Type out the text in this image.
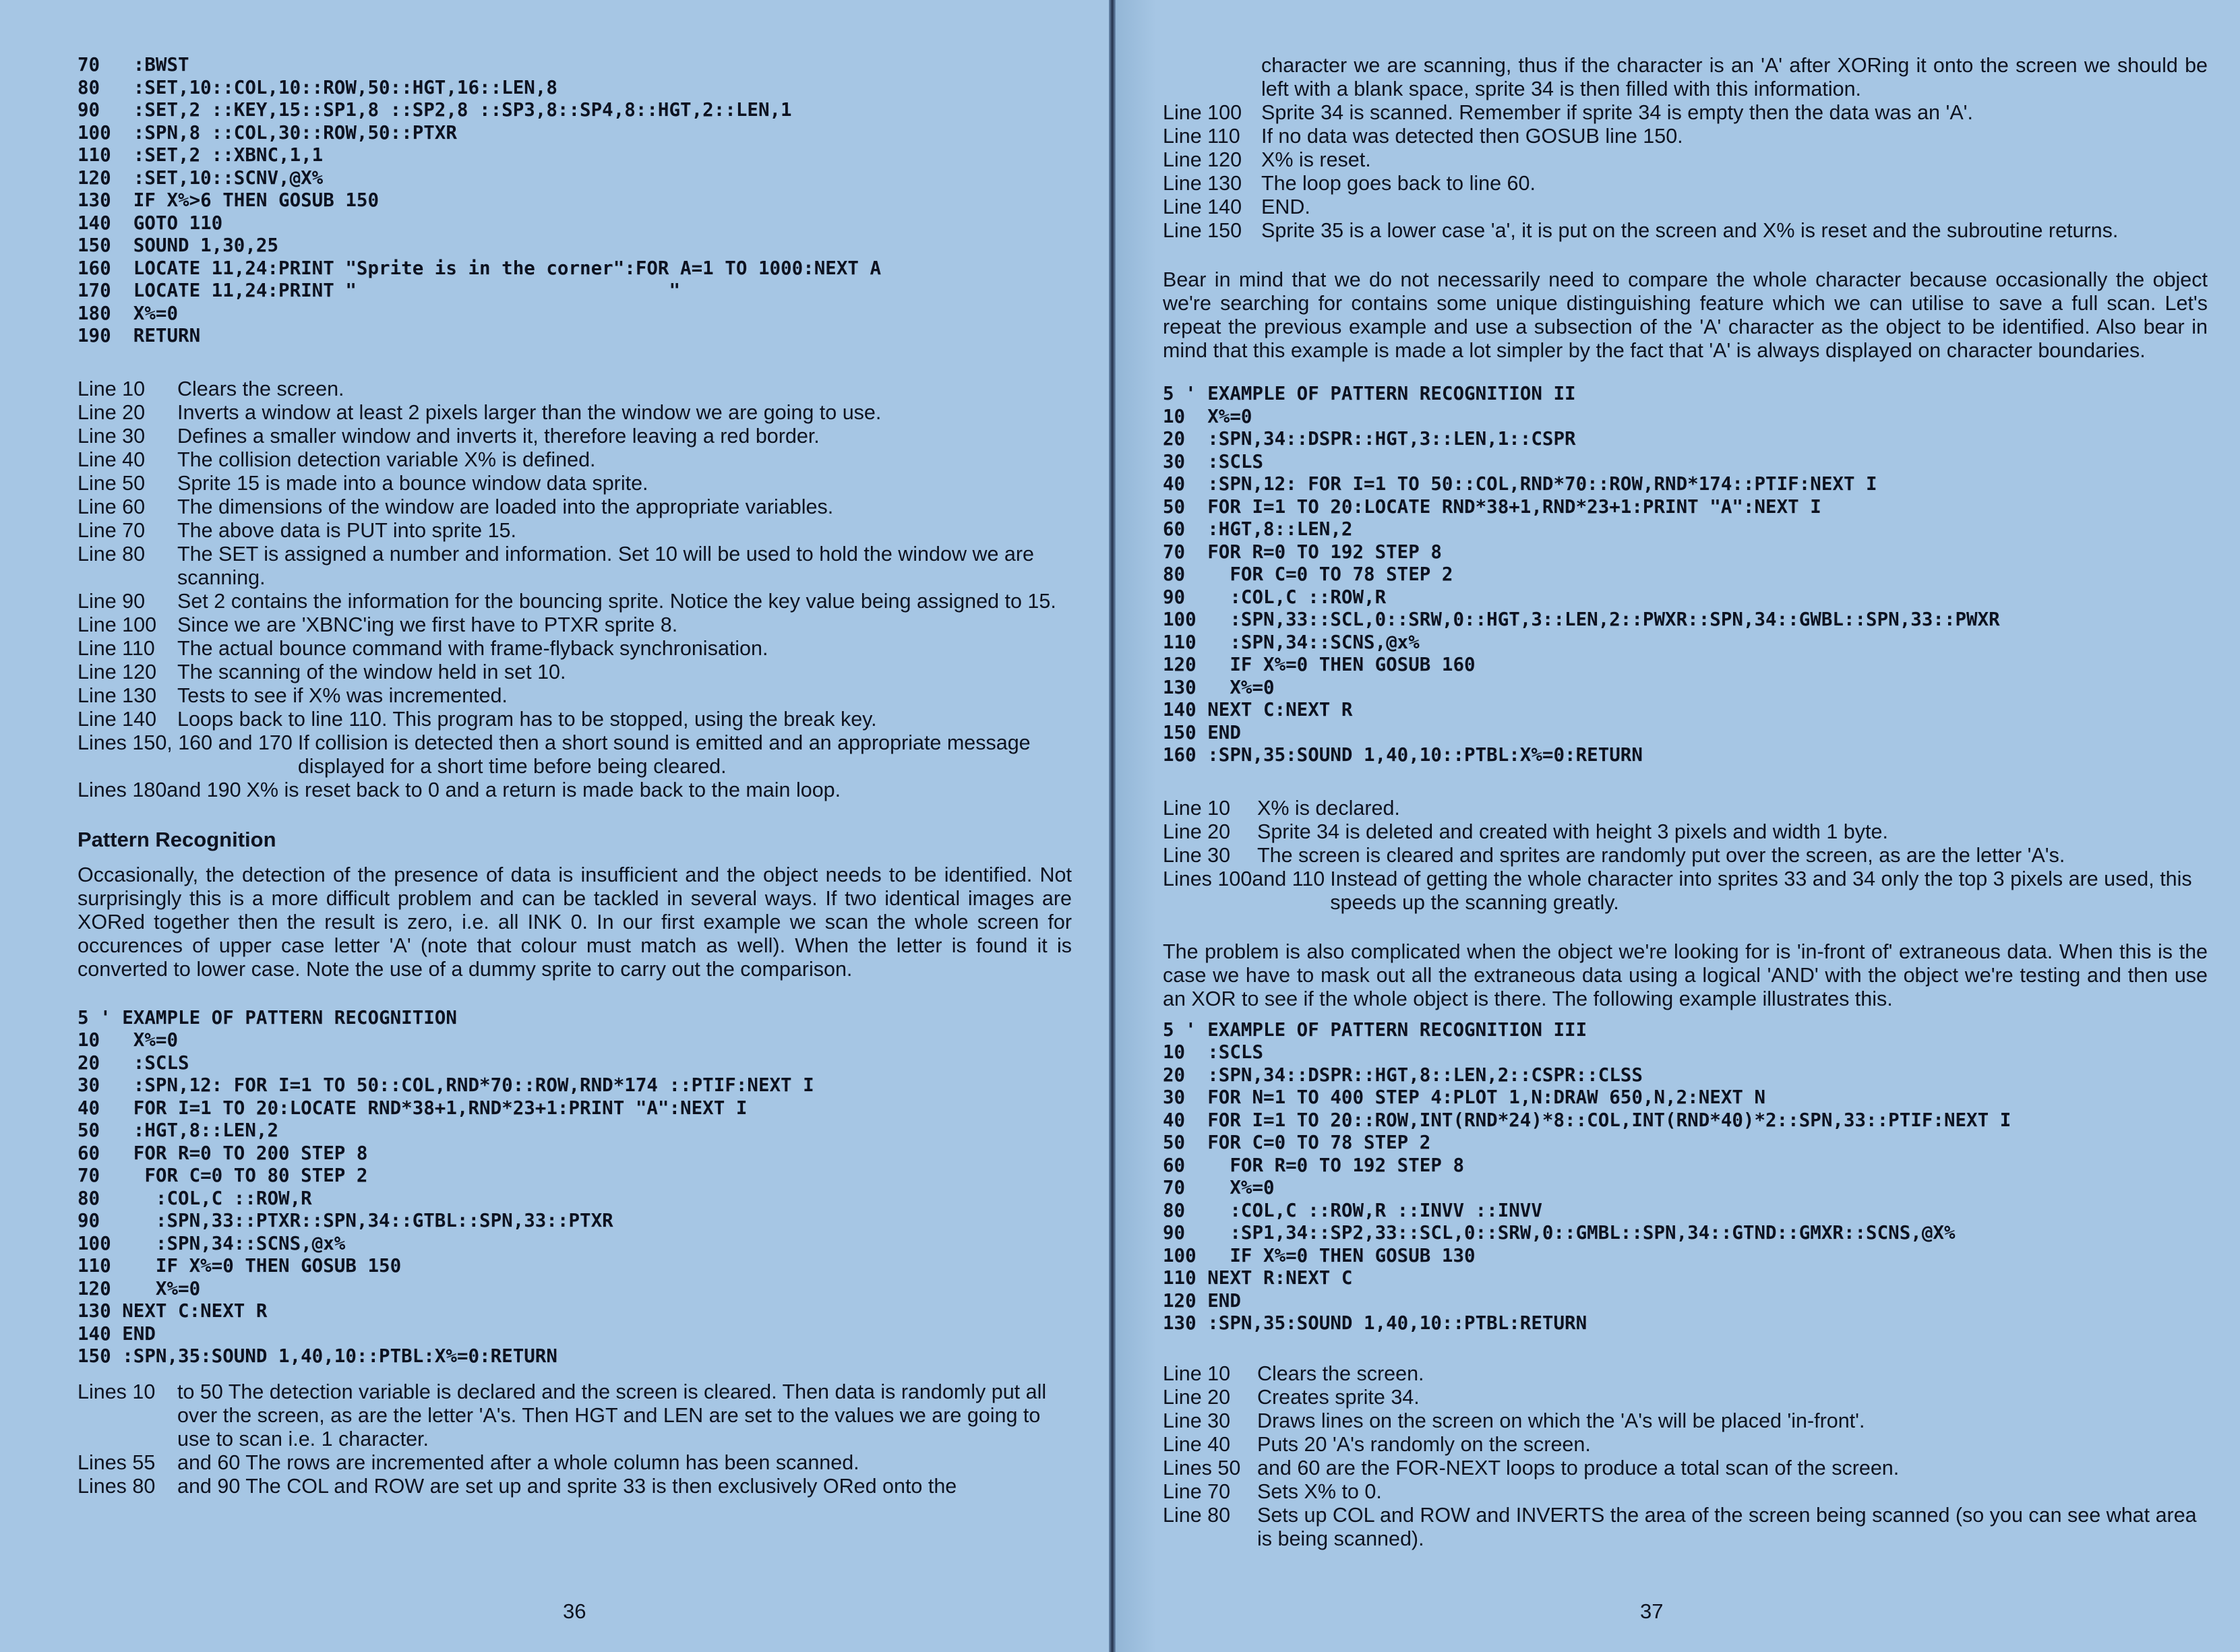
70   :BWST
80   :SET,10::COL,10::ROW,50::HGT,16::LEN,8
90   :SET,2 ::KEY,15::SP1,8 ::SP2,8 ::SP3,8::SP4,8::HGT,2::LEN,1
100  :SPN,8 ::COL,30::ROW,50::PTXR
110  :SET,2 ::XBNC,1,1
120  :SET,10::SCNV,@X%
130  IF X%>6 THEN GOSUB 150
140  GOTO 110
150  SOUND 1,30,25
160  LOCATE 11,24:PRINT "Sprite is in the corner":FOR A=1 TO 1000:NEXT A
170  LOCATE 11,24:PRINT "                            "
180  X%=0
190  RETURN
Line 10	Clears the screen.
Line 20	Inverts a window at least 2 pixels larger than the window we are going to use.
Line 30	Defines a smaller window and inverts it, therefore leaving a red border.
Line 40	The collision detection variable X% is defined.
Line 50	Sprite 15 is made into a bounce window data sprite.
Line 60	The dimensions of the window are loaded into the appropriate variables.
Line 70	The above data is PUT into sprite 15.
Line 80	The SET is assigned a number and information. Set 10 will be used to hold the window we are scanning.
Line 90	Set 2 contains the information for the bouncing sprite. Notice the key value being assigned to 15.
Line 100	Since we are 'XBNC'ing we first have to PTXR sprite 8.
Line 110	The actual bounce command with frame-flyback synchronisation.
Line 120	The scanning of the window held in set 10.
Line 130	Tests to see if X% was incremented.
Line 140	Loops back to line 110. This program has to be stopped, using the break key.
Lines 150, 160 and 170 If collision is detected then a short sound is emitted and an appropriate message displayed for a short time before being cleared.
Lines 180and 190 X% is reset back to 0 and a return is made back to the main loop.

Pattern Recognition

Occasionally, the detection of the presence of data is insufficient and the object needs to be identified. Not surprisingly this is a more difficult problem and can be tackled in several ways. If two identical images are XORed together then the result is zero, i.e. all INK 0. In our first example we scan the whole screen for occurences of upper case letter 'A' (note that colour must match as well). When the letter is found it is converted to lower case. Note the use of a dummy sprite to carry out the comparison.

5 ' EXAMPLE OF PATTERN RECOGNITION
10   X%=0
20   :SCLS
30   :SPN,12: FOR I=1 TO 50::COL,RND*70::ROW,RND*174 ::PTIF:NEXT I
40   FOR I=1 TO 20:LOCATE RND*38+1,RND*23+1:PRINT "A":NEXT I
50   :HGT,8::LEN,2
60   FOR R=0 TO 200 STEP 8
70    FOR C=0 TO 80 STEP 2
80     :COL,C ::ROW,R
90     :SPN,33::PTXR::SPN,34::GTBL::SPN,33::PTXR
100    :SPN,34::SCNS,@x%
110    IF X%=0 THEN GOSUB 150
120    X%=0
130 NEXT C:NEXT R
140 END
150 :SPN,35:SOUND 1,40,10::PTBL:X%=0:RETURN
Lines 10	to 50 The detection variable is declared and the screen is cleared. Then data is randomly put all over the screen, as are the letter 'A's. Then HGT and LEN are set to the values we are going to use to scan i.e. 1 character.
Lines 55	and 60 The rows are incremented after a whole column has been scanned.
Lines 80	and 90 The COL and ROW are set up and sprite 33 is then exclusively ORed onto the
36

character we are scanning, thus if the character is an 'A' after XORing it onto the screen we should be left with a blank space, sprite 34 is then filled with this information.

Line 100 Sprite 34 is scanned. Remember if sprite 34 is empty then the data was an 'A'.
Line 110	If no data was detected then GOSUB line 150.
Line 120 X% is reset.
Line 130 The loop goes back to line 60.
Line 140 END.
Line 150 Sprite 35 is a lower case 'a', it is put on the screen and X% is reset and the subroutine returns.

Bear in mind that we do not necessarily need to compare the whole character because occasionally the object we're searching for contains some unique distinguishing feature which we can utilise to save a full scan. Let's repeat the previous example and use a subsection of the 'A' character as the object to be identified. Also bear in mind that this example is made a lot simpler by the fact that 'A' is always displayed on character boundaries.

5 ' EXAMPLE OF PATTERN RECOGNITION II
10  X%=0
20  :SPN,34::DSPR::HGT,3::LEN,1::CSPR
30  :SCLS
40  :SPN,12: FOR I=1 TO 50::COL,RND*70::ROW,RND*174::PTIF:NEXT I
50  FOR I=1 TO 20:LOCATE RND*38+1,RND*23+1:PRINT "A":NEXT I
60  :HGT,8::LEN,2
70  FOR R=0 TO 192 STEP 8
80    FOR C=0 TO 78 STEP 2
90    :COL,C ::ROW,R
100   :SPN,33::SCL,0::SRW,0::HGT,3::LEN,2::PWXR::SPN,34::GWBL::SPN,33::PWXR
110   :SPN,34::SCNS,@x%
120   IF X%=0 THEN GOSUB 160
130   X%=0
140 NEXT C:NEXT R
150 END
160 :SPN,35:SOUND 1,40,10::PTBL:X%=0:RETURN
Line 10	X% is declared.
Line 20	Sprite 34 is deleted and created with height 3 pixels and width 1 byte.
Line 30	The screen is cleared and sprites are randomly put over the screen, as are the letter 'A's.
Lines 100and 110 Instead of getting the whole character into sprites 33 and 34 only the top 3 pixels are used, this speeds up the scanning greatly.

The problem is also complicated when the object we're looking for is 'in-front of' extraneous data. When this is the case we have to mask out all the extraneous data using a logical 'AND' with the object we're testing and then use an XOR to see if the whole object is there. The following example illustrates this.

5 ' EXAMPLE OF PATTERN RECOGNITION III
10  :SCLS
20  :SPN,34::DSPR::HGT,8::LEN,2::CSPR::CLSS
30  FOR N=1 TO 400 STEP 4:PLOT 1,N:DRAW 650,N,2:NEXT N
40  FOR I=1 TO 20::ROW,INT(RND*24)*8::COL,INT(RND*40)*2::SPN,33::PTIF:NEXT I
50  FOR C=0 TO 78 STEP 2
60    FOR R=0 TO 192 STEP 8
70    X%=0
80    :COL,C ::ROW,R ::INVV ::INVV
90    :SP1,34::SP2,33::SCL,0::SRW,0::GMBL::SPN,34::GTND::GMXR::SCNS,@X%
100   IF X%=0 THEN GOSUB 130
110 NEXT R:NEXT C
120 END
130 :SPN,35:SOUND 1,40,10::PTBL:RETURN
Line 10	Clears the screen.
Line 20	Creates sprite 34.
Line 30	Draws lines on the screen on which the 'A's will be placed 'in-front'.
Line 40	Puts 20 'A's randomly on the screen.
Lines 50 and 60 are the FOR-NEXT loops to produce a total scan of the screen.
Line 70	Sets X% to 0.
Line 80	Sets up COL and ROW and INVERTS the area of the screen being scanned (so you can see what area is being scanned).
37
